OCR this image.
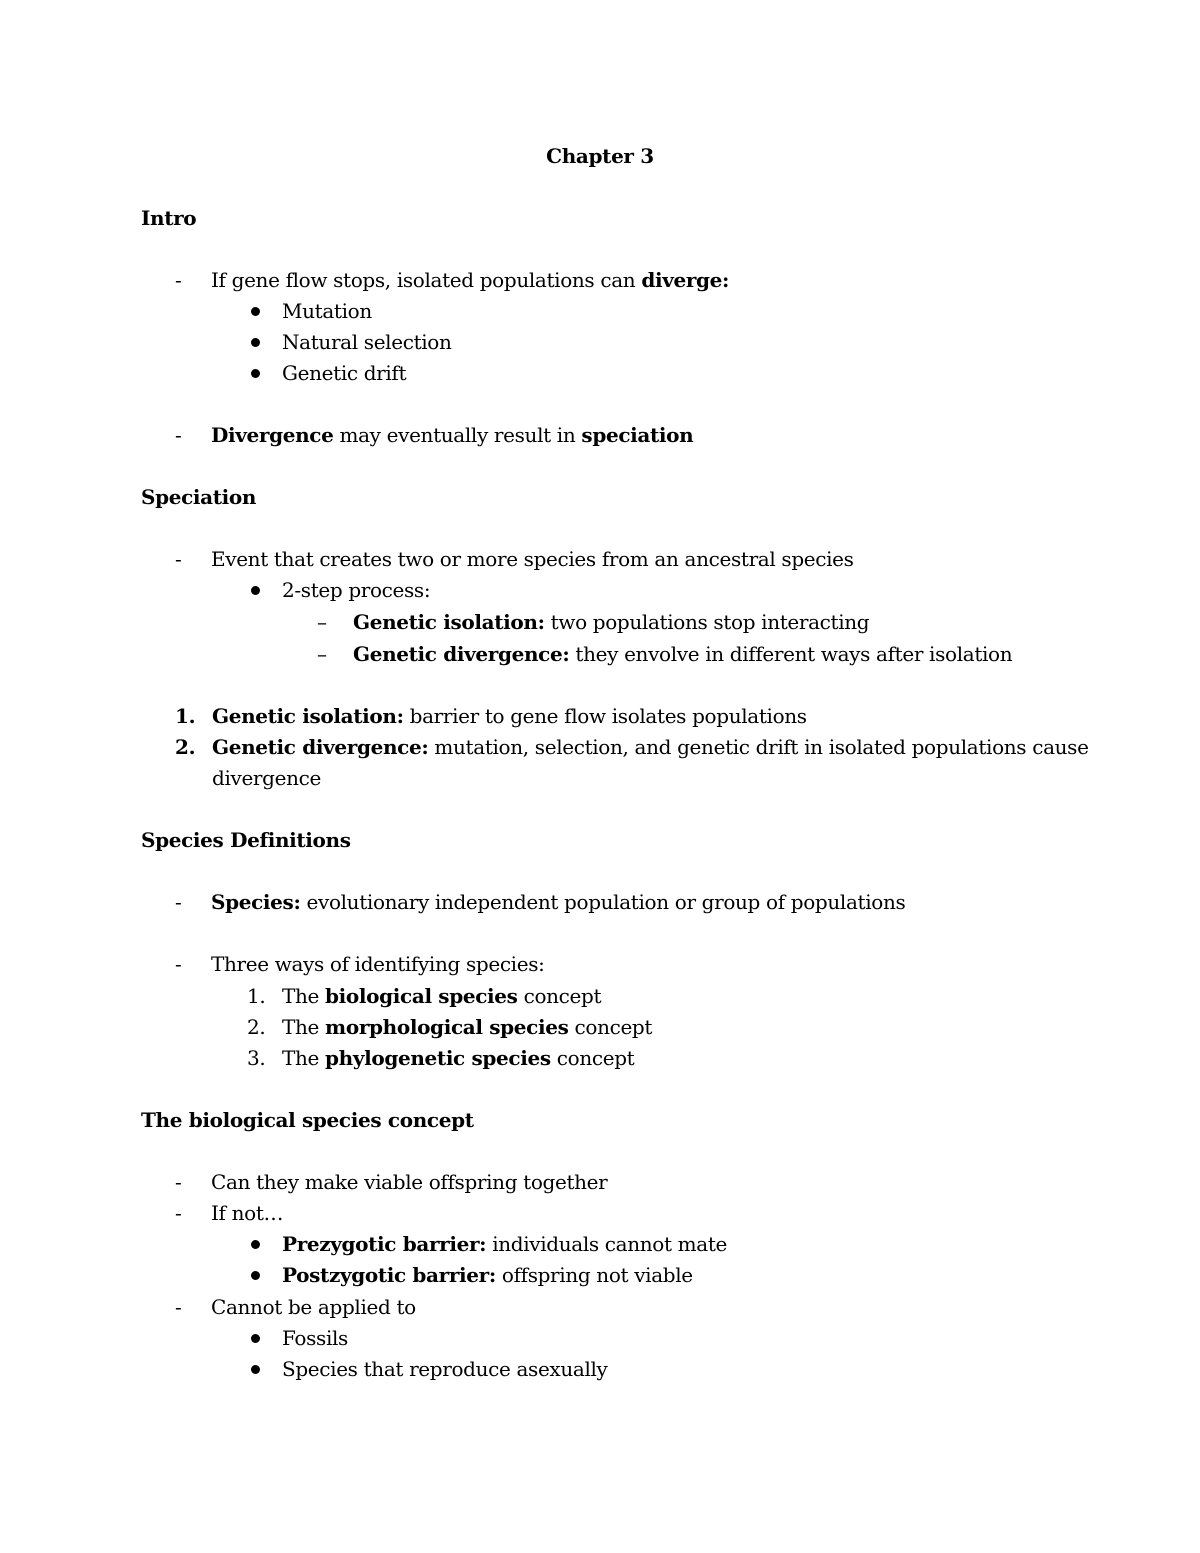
Chapter 3
Intro
- If gene flow stops, isolated populations can diverge:
Mutation
Natural selection
Genetic drift
- Divergence may eventually result in speciation
Speciation
- Event that creates two or more species from an ancestral species
2-step process:
– Genetic isolation: two populations stop interacting
– Genetic divergence: they envolve in different ways after isolation
1. Genetic isolation: barrier to gene flow isolates populations
2. Genetic divergence: mutation, selection, and genetic drift in isolated populations cause
divergence
Species Definitions
- Species: evolutionary independent population or group of populations
- Three ways of identifying species:
1. The biological species concept
2. The morphological species concept
3. The phylogenetic species concept
The biological species concept
- Can they make viable offspring together
- If not…
Prezygotic barrier: individuals cannot mate
Postzygotic barrier: offspring not viable
- Cannot be applied to
Fossils
Species that reproduce asexually
